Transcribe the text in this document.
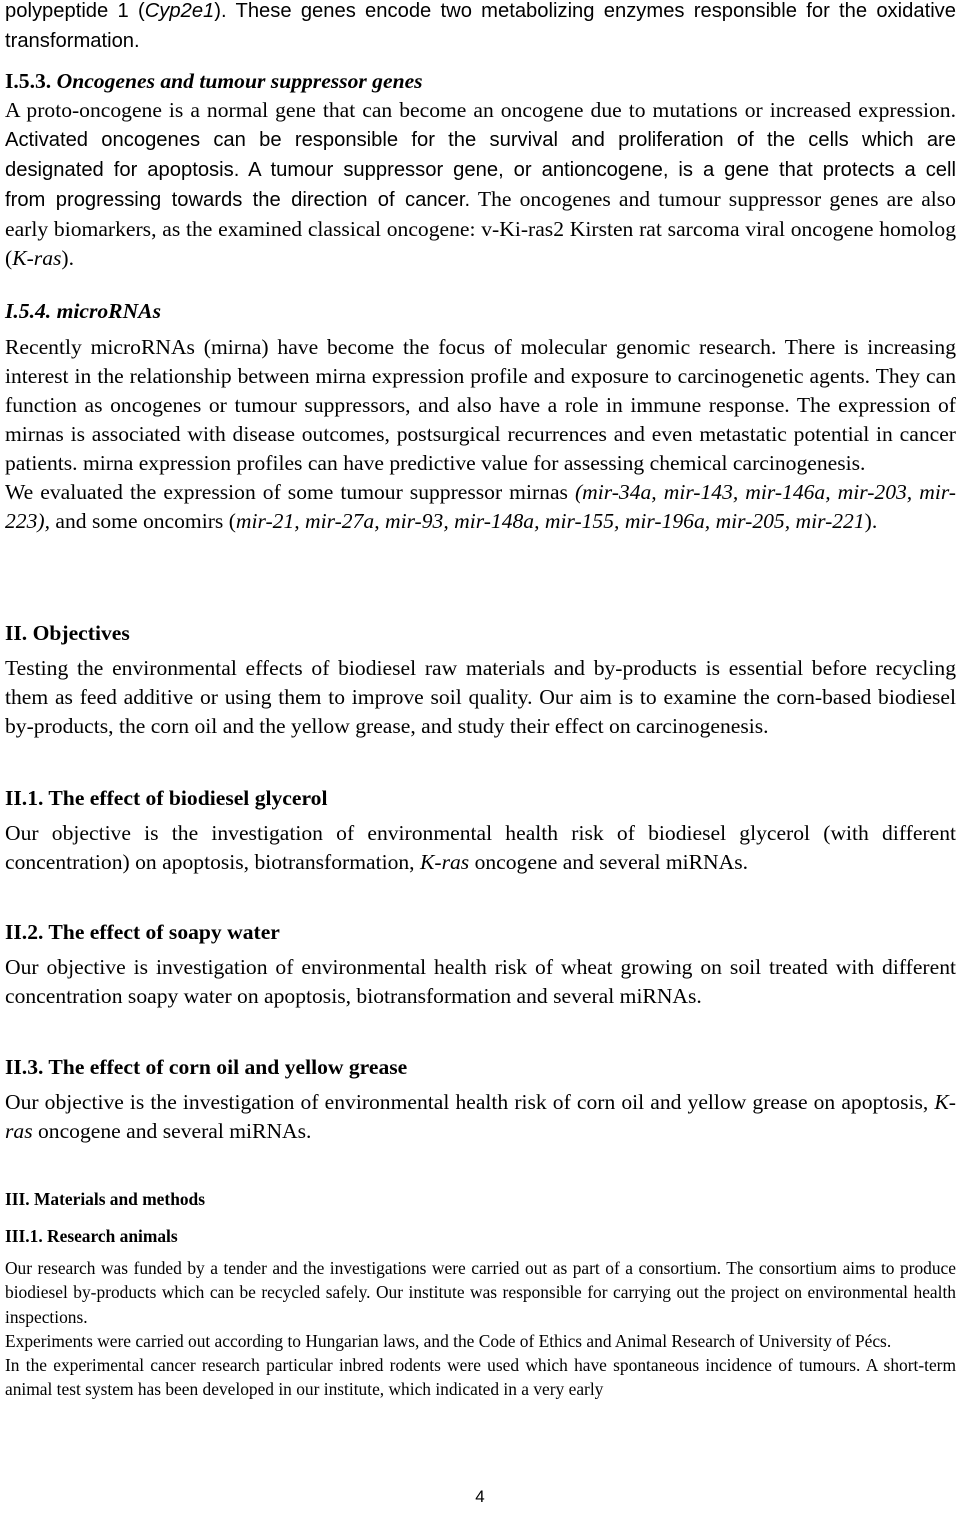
polypeptide 1 (Cyp2e1). These genes encode two metabolizing enzymes responsible for the oxidative transformation.

I.5.3. Oncogenes and tumour suppressor genes

A proto-oncogene is a normal gene that can become an oncogene due to mutations or increased expression. Activated oncogenes can be responsible for the survival and proliferation of the cells which are designated for apoptosis. A tumour suppressor gene, or antioncogene, is a gene that protects a cell from progressing towards the direction of cancer. The oncogenes and tumour suppressor genes are also early biomarkers, as the examined classical oncogene: v-Ki-ras2 Kirsten rat sarcoma viral oncogene homolog (K-ras).

I.5.4. microRNAs

Recently microRNAs (mirna) have become the focus of molecular genomic research. There is increasing interest in the relationship between mirna expression profile and exposure to carcinogenetic agents. They can function as oncogenes or tumour suppressors, and also have a role in immune response. The expression of mirnas is associated with disease outcomes, postsurgical recurrences and even metastatic potential in cancer patients. mirna expression profiles can have predictive value for assessing chemical carcinogenesis.

We evaluated the expression of some tumour suppressor mirnas (mir-34a, mir-143, mir-146a, mir-203, mir-223), and some oncomirs (mir-21, mir-27a, mir-93, mir-148a, mir-155, mir-196a, mir-205, mir-221).

II. Objectives

Testing the environmental effects of biodiesel raw materials and by-products is essential before recycling them as feed additive or using them to improve soil quality. Our aim is to examine the corn-based biodiesel by-products, the corn oil and the yellow grease, and study their effect on carcinogenesis.

II.1. The effect of biodiesel glycerol

Our objective is the investigation of environmental health risk of biodiesel glycerol (with different concentration) on apoptosis, biotransformation, K-ras oncogene and several miRNAs.

II.2. The effect of soapy water

Our objective is investigation of environmental health risk of wheat growing on soil treated with different concentration soapy water on apoptosis, biotransformation and several miRNAs.

II.3. The effect of corn oil and yellow grease

Our objective is the investigation of environmental health risk of corn oil and yellow grease on apoptosis, K-ras oncogene and several miRNAs.

III. Materials and methods

III.1. Research animals

Our research was funded by a tender and the investigations were carried out as part of a consortium. The consortium aims to produce biodiesel by-products which can be recycled safely. Our institute was responsible for carrying out the project on environmental health inspections.

Experiments were carried out according to Hungarian laws, and the Code of Ethics and Animal Research of University of Pécs.

In the experimental cancer research particular inbred rodents were used which have spontaneous incidence of tumours. A short-term animal test system has been developed in our institute, which indicated in a very early

4
